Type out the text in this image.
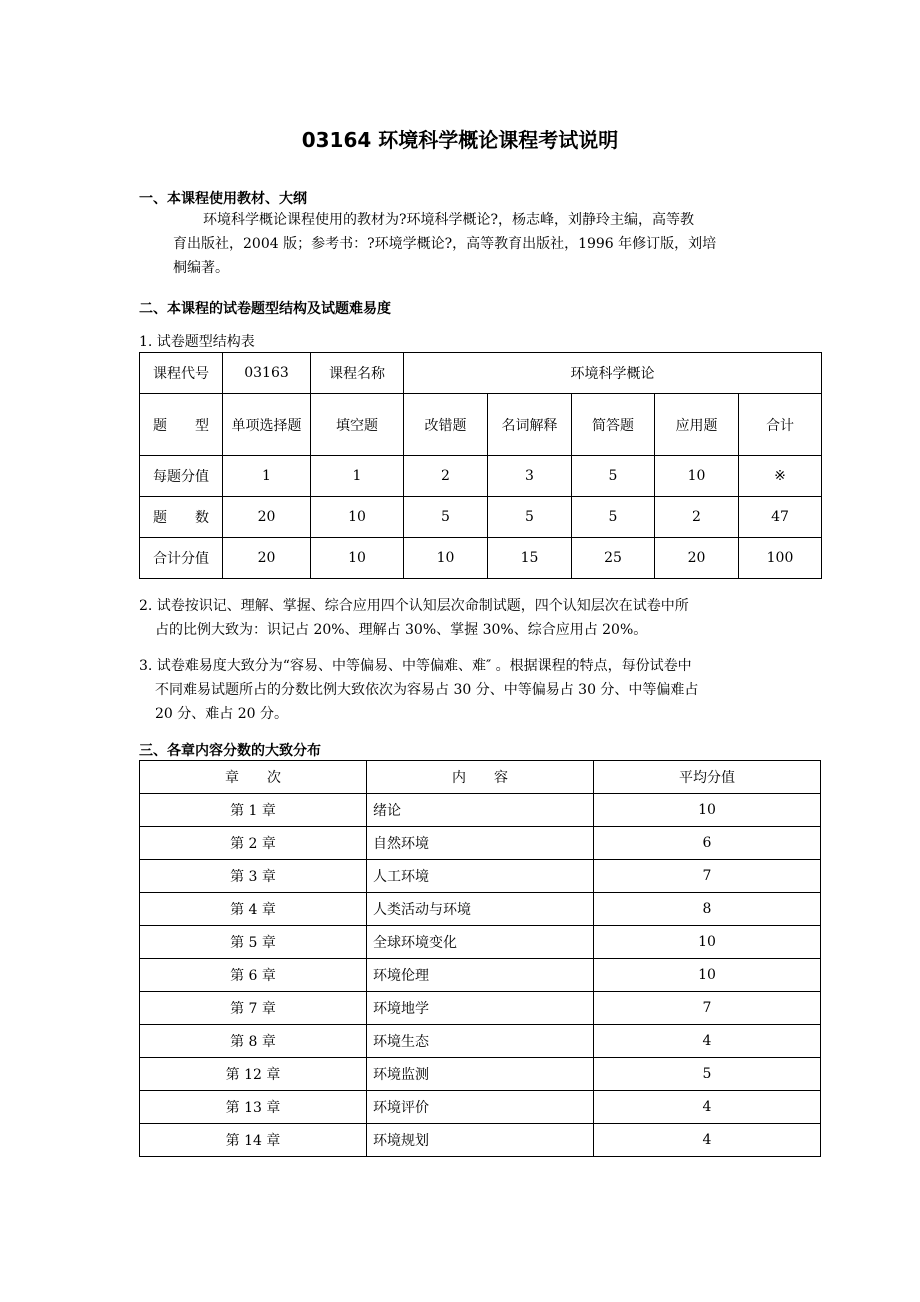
03164 环境科学概论课程考试说明
一、本课程使用教材、大纲
环境科学概论课程使用的教材为?环境科学概论?，杨志峰，刘静玲主编，高等教
育出版社，2004 版；参考书：?环境学概论?，高等教育出版社，1996 年修订版，刘培
桐编著。
二、本课程的试卷题型结构及试题难易度
1. 试卷题型结构表
课程代号	03163	课程名称	环境科学概论				
题　　型	单项选择题	填空题	改错题	名词解释	简答题	应用题	合计
每题分值	1	1	2	3	5	10	※
题　　数	20	10	5	5	5	2	47
合计分值	20	10	10	15	25	20	100
2. 试卷按识记、理解、掌握、综合应用四个认知层次命制试题，四个认知层次在试卷中所
占的比例大致为：识记占 20%、理解占 30%、掌握 30%、综合应用占 20%。
3. 试卷难易度大致分为“容易、中等偏易、中等偏难、难″ 。根据课程的特点，每份试卷中
不同难易试题所占的分数比例大致依次为容易占 30 分、中等偏易占 30 分、中等偏难占
20 分、难占 20 分。
三、各章内容分数的大致分布
章　　次	内　　容	平均分值
第 1 章	绪论	10
第 2 章	自然环境	6
第 3 章	人工环境	7
第 4 章	人类活动与环境	8
第 5 章	全球环境变化	10
第 6 章	环境伦理	10
第 7 章	环境地学	7
第 8 章	环境生态	4
第 12 章	环境监测	5
第 13 章	环境评价	4
第 14 章	环境规划	4
